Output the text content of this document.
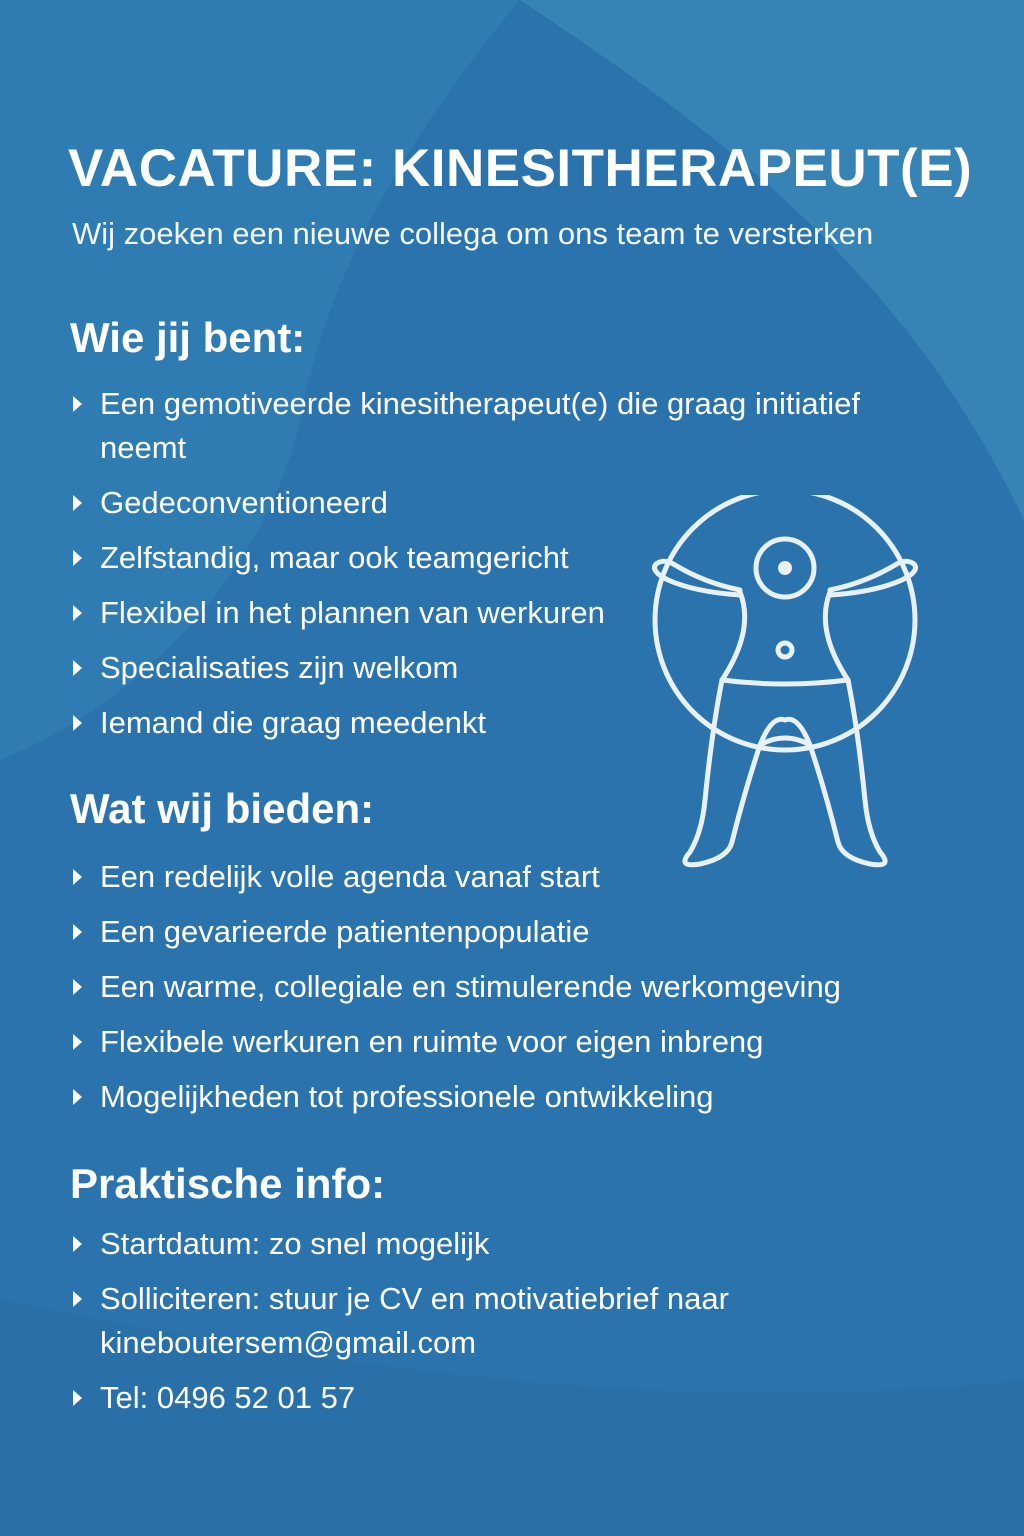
VACATURE: KINESITHERAPEUT(E)

Wij zoeken een nieuwe collega om ons team te versterken

Wie jij bent:
Een gemotiveerde kinesitherapeut(e) die graag initiatief neemt
Gedeconventioneerd
Zelfstandig, maar ook teamgericht
Flexibel in het plannen van werkuren
Specialisaties zijn welkom
Iemand die graag meedenkt
Wat wij bieden:
Een redelijk volle agenda vanaf start
Een gevarieerde patientenpopulatie
Een warme, collegiale en stimulerende werkomgeving
Flexibele werkuren en ruimte voor eigen inbreng
Mogelijkheden tot professionele ontwikkeling
Praktische info:
Startdatum: zo snel mogelijk
Solliciteren: stuur je CV en motivatiebrief naar kineboutersem@gmail.com
Tel: 0496 52 01 57
